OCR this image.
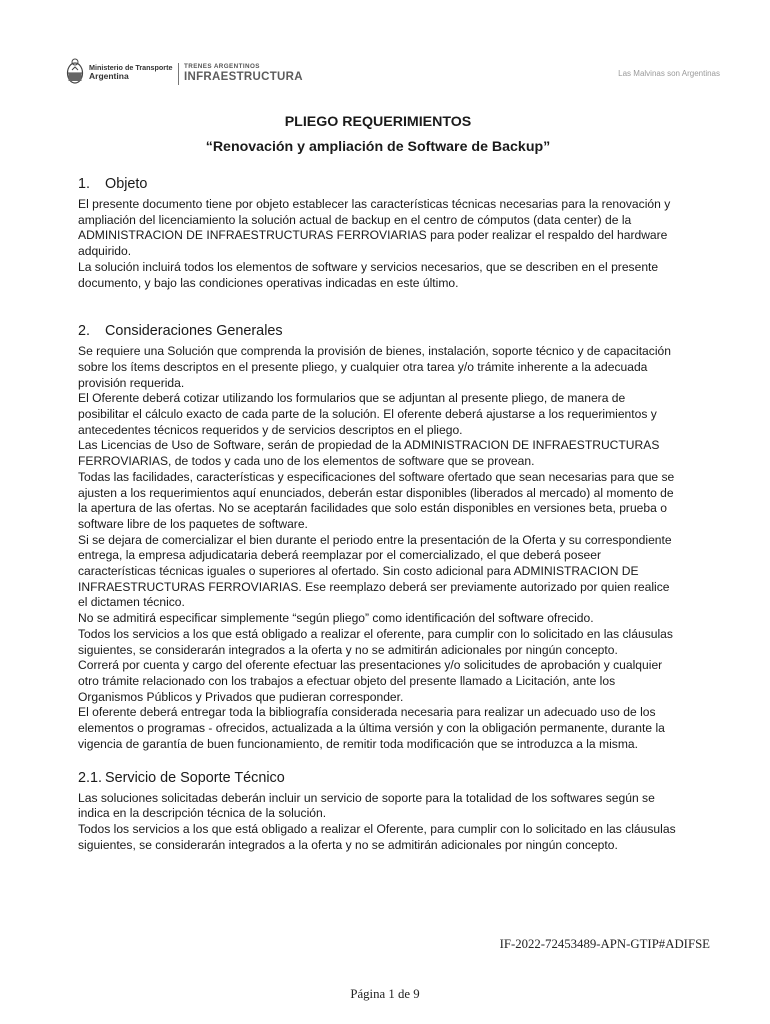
Ministerio de Transporte
Argentina
TRENES ARGENTINOS
INFRAESTRUCTURA	Las Malvinas son Argentinas
PLIEGO REQUERIMIENTOS
“Renovación y ampliación de Software de Backup”
1. Objeto

El presente documento tiene por objeto establecer las características técnicas necesarias para la renovación y ampliación del licenciamiento la solución actual de backup en el centro de cómputos (data center) de la ADMINISTRACION DE INFRAESTRUCTURAS FERROVIARIAS para poder realizar el respaldo del hardware adquirido.

La solución incluirá todos los elementos de software y servicios necesarios, que se describen en el presente documento, y bajo las condiciones operativas indicadas en este último.

2. Consideraciones Generales

Se requiere una Solución que comprenda la provisión de bienes, instalación, soporte técnico y de capacitación sobre los ítems descriptos en el presente pliego, y cualquier otra tarea y/o trámite inherente a la adecuada provisión requerida.

El Oferente deberá cotizar utilizando los formularios que se adjuntan al presente pliego, de manera de posibilitar el cálculo exacto de cada parte de la solución. El oferente deberá ajustarse a los requerimientos y antecedentes técnicos requeridos y de servicios descriptos en el pliego.

Las Licencias de Uso de Software, serán de propiedad de la ADMINISTRACION DE INFRAESTRUCTURAS FERROVIARIAS, de todos y cada uno de los elementos de software que se provean.

Todas las facilidades, características y especificaciones del software ofertado que sean necesarias para que se ajusten a los requerimientos aquí enunciados, deberán estar disponibles (liberados al mercado) al momento de la apertura de las ofertas. No se aceptarán facilidades que solo están disponibles en versiones beta, prueba o software libre de los paquetes de software.

Si se dejara de comercializar el bien durante el periodo entre la presentación de la Oferta y su correspondiente entrega, la empresa adjudicataria deberá reemplazar por el comercializado, el que deberá poseer características técnicas iguales o superiores al ofertado. Sin costo adicional para ADMINISTRACION DE INFRAESTRUCTURAS FERROVIARIAS. Ese reemplazo deberá ser previamente autorizado por quien realice el dictamen técnico.

No se admitirá especificar simplemente “según pliego” como identificación del software ofrecido.

Todos los servicios a los que está obligado a realizar el oferente, para cumplir con lo solicitado en las cláusulas siguientes, se considerarán integrados a la oferta y no se admitirán adicionales por ningún concepto.

Correrá por cuenta y cargo del oferente efectuar las presentaciones y/o solicitudes de aprobación y cualquier otro trámite relacionado con los trabajos a efectuar objeto del presente llamado a Licitación, ante los Organismos Públicos y Privados que pudieran corresponder.

El oferente deberá entregar toda la bibliografía considerada necesaria para realizar un adecuado uso de los elementos o programas - ofrecidos, actualizada a la última versión y con la obligación permanente, durante la vigencia de garantía de buen funcionamiento, de remitir toda modificación que se introduzca a la misma.

2.1. Servicio de Soporte Técnico

Las soluciones solicitadas deberán incluir un servicio de soporte para la totalidad de los softwares según se indica en la descripción técnica de la solución.

Todos los servicios a los que está obligado a realizar el Oferente, para cumplir con lo solicitado en las cláusulas siguientes, se considerarán integrados a la oferta y no se admitirán adicionales por ningún concepto.

IF-2022-72453489-APN-GTIP#ADIFSE
Página 1 de 9
